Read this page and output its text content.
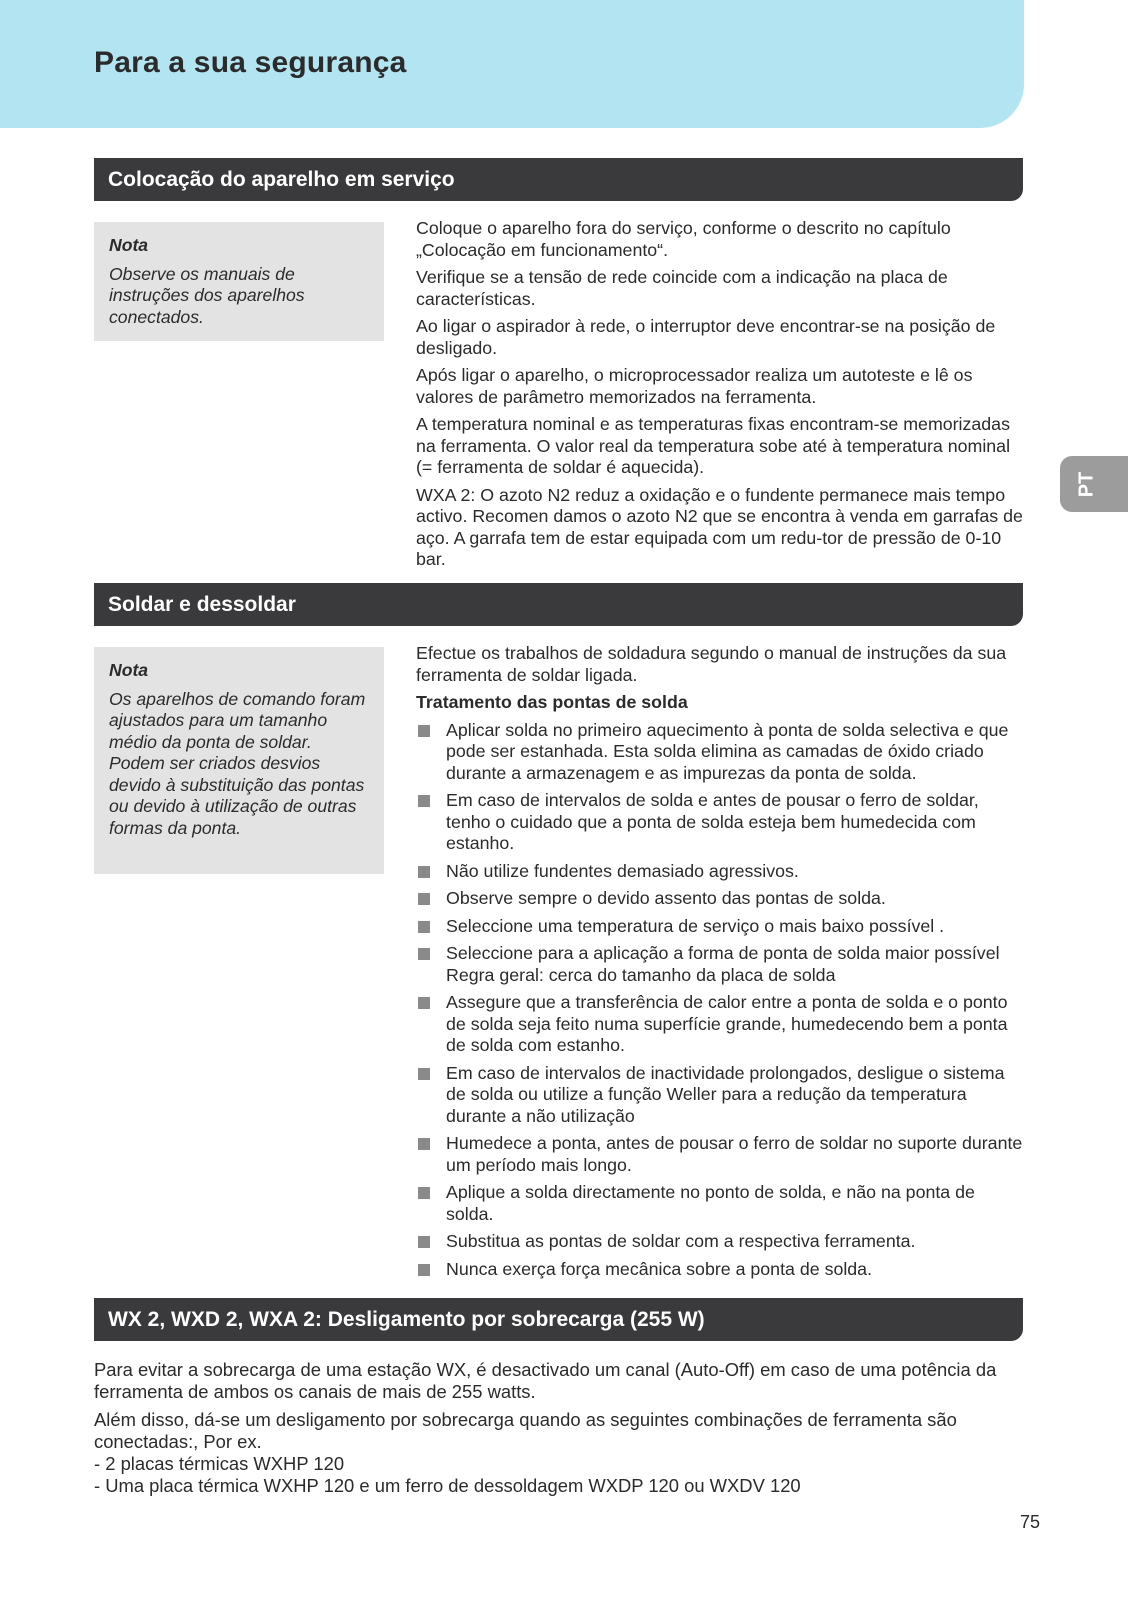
Para a sua segurança
PT
Colocação do aparelho em serviço
Nota
Observe os manuais de instruções dos aparelhos conectados.

Coloque o aparelho fora do serviço, conforme o descrito no capítulo „Colocação em funcionamento“.

Verifique se a tensão de rede coincide com a indicação na placa de características.

Ao ligar o aspirador à rede, o interruptor deve encontrar-se na posição de desligado.

Após ligar o aparelho, o microprocessador realiza um autoteste e lê os valores de parâmetro memorizados na ferramenta.

A temperatura nominal e as temperaturas fixas encontram-se memorizadas na ferramenta. O valor real da temperatura sobe até à temperatura nominal (= ferramenta de soldar é aquecida).

WXA 2: O azoto N2 reduz a oxidação e o fundente permanece mais tempo activo. Recomen damos o azoto N2 que se encontra à venda em garrafas de aço. A garrafa tem de estar equipada com um redu-tor de pressão de 0-10 bar.

Soldar e dessoldar
Nota
Os aparelhos de comando foram ajustados para um tamanho médio da ponta de soldar. Podem ser criados desvios devido à substituição das pontas ou devido à utilização de outras formas da ponta.

Efectue os trabalhos de soldadura segundo o manual de instruções da sua ferramenta de soldar ligada.

Tratamento das pontas de solda
Aplicar solda no primeiro aquecimento à ponta de solda selectiva e que pode ser estanhada. Esta solda elimina as camadas de óxido criado durante a armazenagem e as impurezas da ponta de solda.
Em caso de intervalos de solda e antes de pousar o ferro de soldar, tenho o cuidado que a ponta de solda esteja bem humedecida com estanho.
Não utilize fundentes demasiado agressivos.
Observe sempre o devido assento das pontas de solda.
Seleccione uma temperatura de serviço o mais baixo possível .
Seleccione para a aplicação a forma de ponta de solda maior possível
Regra geral: cerca do tamanho da placa de solda
Assegure que a transferência de calor entre a ponta de solda e o ponto de solda seja feito numa superfície grande, humedecendo bem a ponta de solda com estanho.
Em caso de intervalos de inactividade prolongados, desligue o sistema de solda ou utilize a função Weller para a redução da temperatura durante a não utilização
Humedece a ponta, antes de pousar o ferro de soldar no suporte durante um período mais longo.
Aplique a solda directamente no ponto de solda, e não na ponta de solda.
Substitua as pontas de soldar com a respectiva ferramenta.
Nunca exerça força mecânica sobre a ponta de solda.
WX 2, WXD 2, WXA 2: Desligamento por sobrecarga (255 W)

Para evitar a sobrecarga de uma estação WX, é desactivado um canal (Auto-Off) em caso de uma potência da ferramenta de ambos os canais de mais de 255 watts.

Além disso, dá-se um desligamento por sobrecarga quando as seguintes combinações de ferramenta são conectadas:, Por ex.

- 2 placas térmicas WXHP 120
- Uma placa térmica WXHP 120 e um ferro de dessoldagem WXDP 120 ou WXDV 120
75
